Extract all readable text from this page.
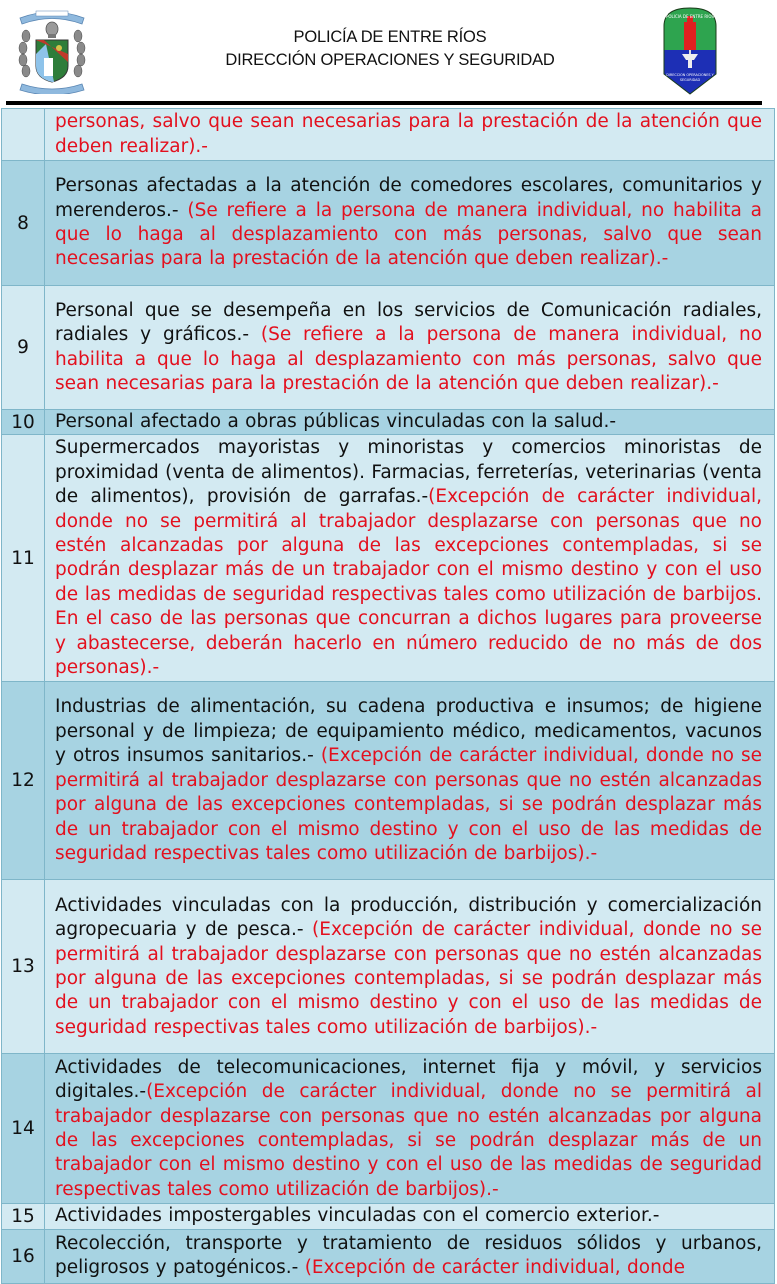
POLICÍA DE ENTRE RÍOS
DIRECCIÓN OPERACIONES Y SEGURIDAD
POLICIA DE ENTRE RIOS
DIRECCION OPERACIONES Y
SEGURIDAD
	personas, salvo que sean necesarias para la prestación de la atención que deben realizar).-
8	Personas afectadas a la atención de comedores escolares, comunitarios y merenderos.- (Se refiere a la persona de manera individual, no habilita a que lo haga al desplazamiento con más personas, salvo que sean necesarias para la prestación de la atención que deben realizar).-
9	Personal que se desempeña en los servicios de Comunicación radiales, radiales y gráficos.- (Se refiere a la persona de manera individual, no habilita a que lo haga al desplazamiento con más personas, salvo que sean necesarias para la prestación de la atención que deben realizar).-
10	Personal afectado a obras públicas vinculadas con la salud.-
11	Supermercados mayoristas y minoristas y comercios minoristas de proximidad (venta de alimentos). Farmacias, ferreterías, veterinarias (venta de alimentos), provisión de garrafas.-(Excepción de carácter individual, donde no se permitirá al trabajador desplazarse con personas que no estén alcanzadas por alguna de las excepciones contempladas, si se podrán desplazar más de un trabajador con el mismo destino y con el uso de las medidas de seguridad respectivas tales como utilización de barbijos. En el caso de las personas que concurran a dichos lugares para proveerse y abastecerse, deberán hacerlo en número reducido de no más de dos personas).-
12	Industrias de alimentación, su cadena productiva e insumos; de higiene personal y de limpieza; de equipamiento médico, medicamentos, vacunos y otros insumos sanitarios.- (Excepción de carácter individual, donde no se permitirá al trabajador desplazarse con personas que no estén alcanzadas por alguna de las excepciones contempladas, si se podrán desplazar más de un trabajador con el mismo destino y con el uso de las medidas de seguridad respectivas tales como utilización de barbijos).-
13	Actividades vinculadas con la producción, distribución y comercialización agropecuaria y de pesca.- (Excepción de carácter individual, donde no se permitirá al trabajador desplazarse con personas que no estén alcanzadas por alguna de las excepciones contempladas, si se podrán desplazar más de un trabajador con el mismo destino y con el uso de las medidas de seguridad respectivas tales como utilización de barbijos).-
14	Actividades de telecomunicaciones, internet fija y móvil, y servicios digitales.-(Excepción de carácter individual, donde no se permitirá al trabajador desplazarse con personas que no estén alcanzadas por alguna de las excepciones contempladas, si se podrán desplazar más de un trabajador con el mismo destino y con el uso de las medidas de seguridad respectivas tales como utilización de barbijos).-
15	Actividades impostergables vinculadas con el comercio exterior.-
16	Recolección, transporte y tratamiento de residuos sólidos y urbanos, peligrosos y patogénicos.- (Excepción de carácter individual, donde
